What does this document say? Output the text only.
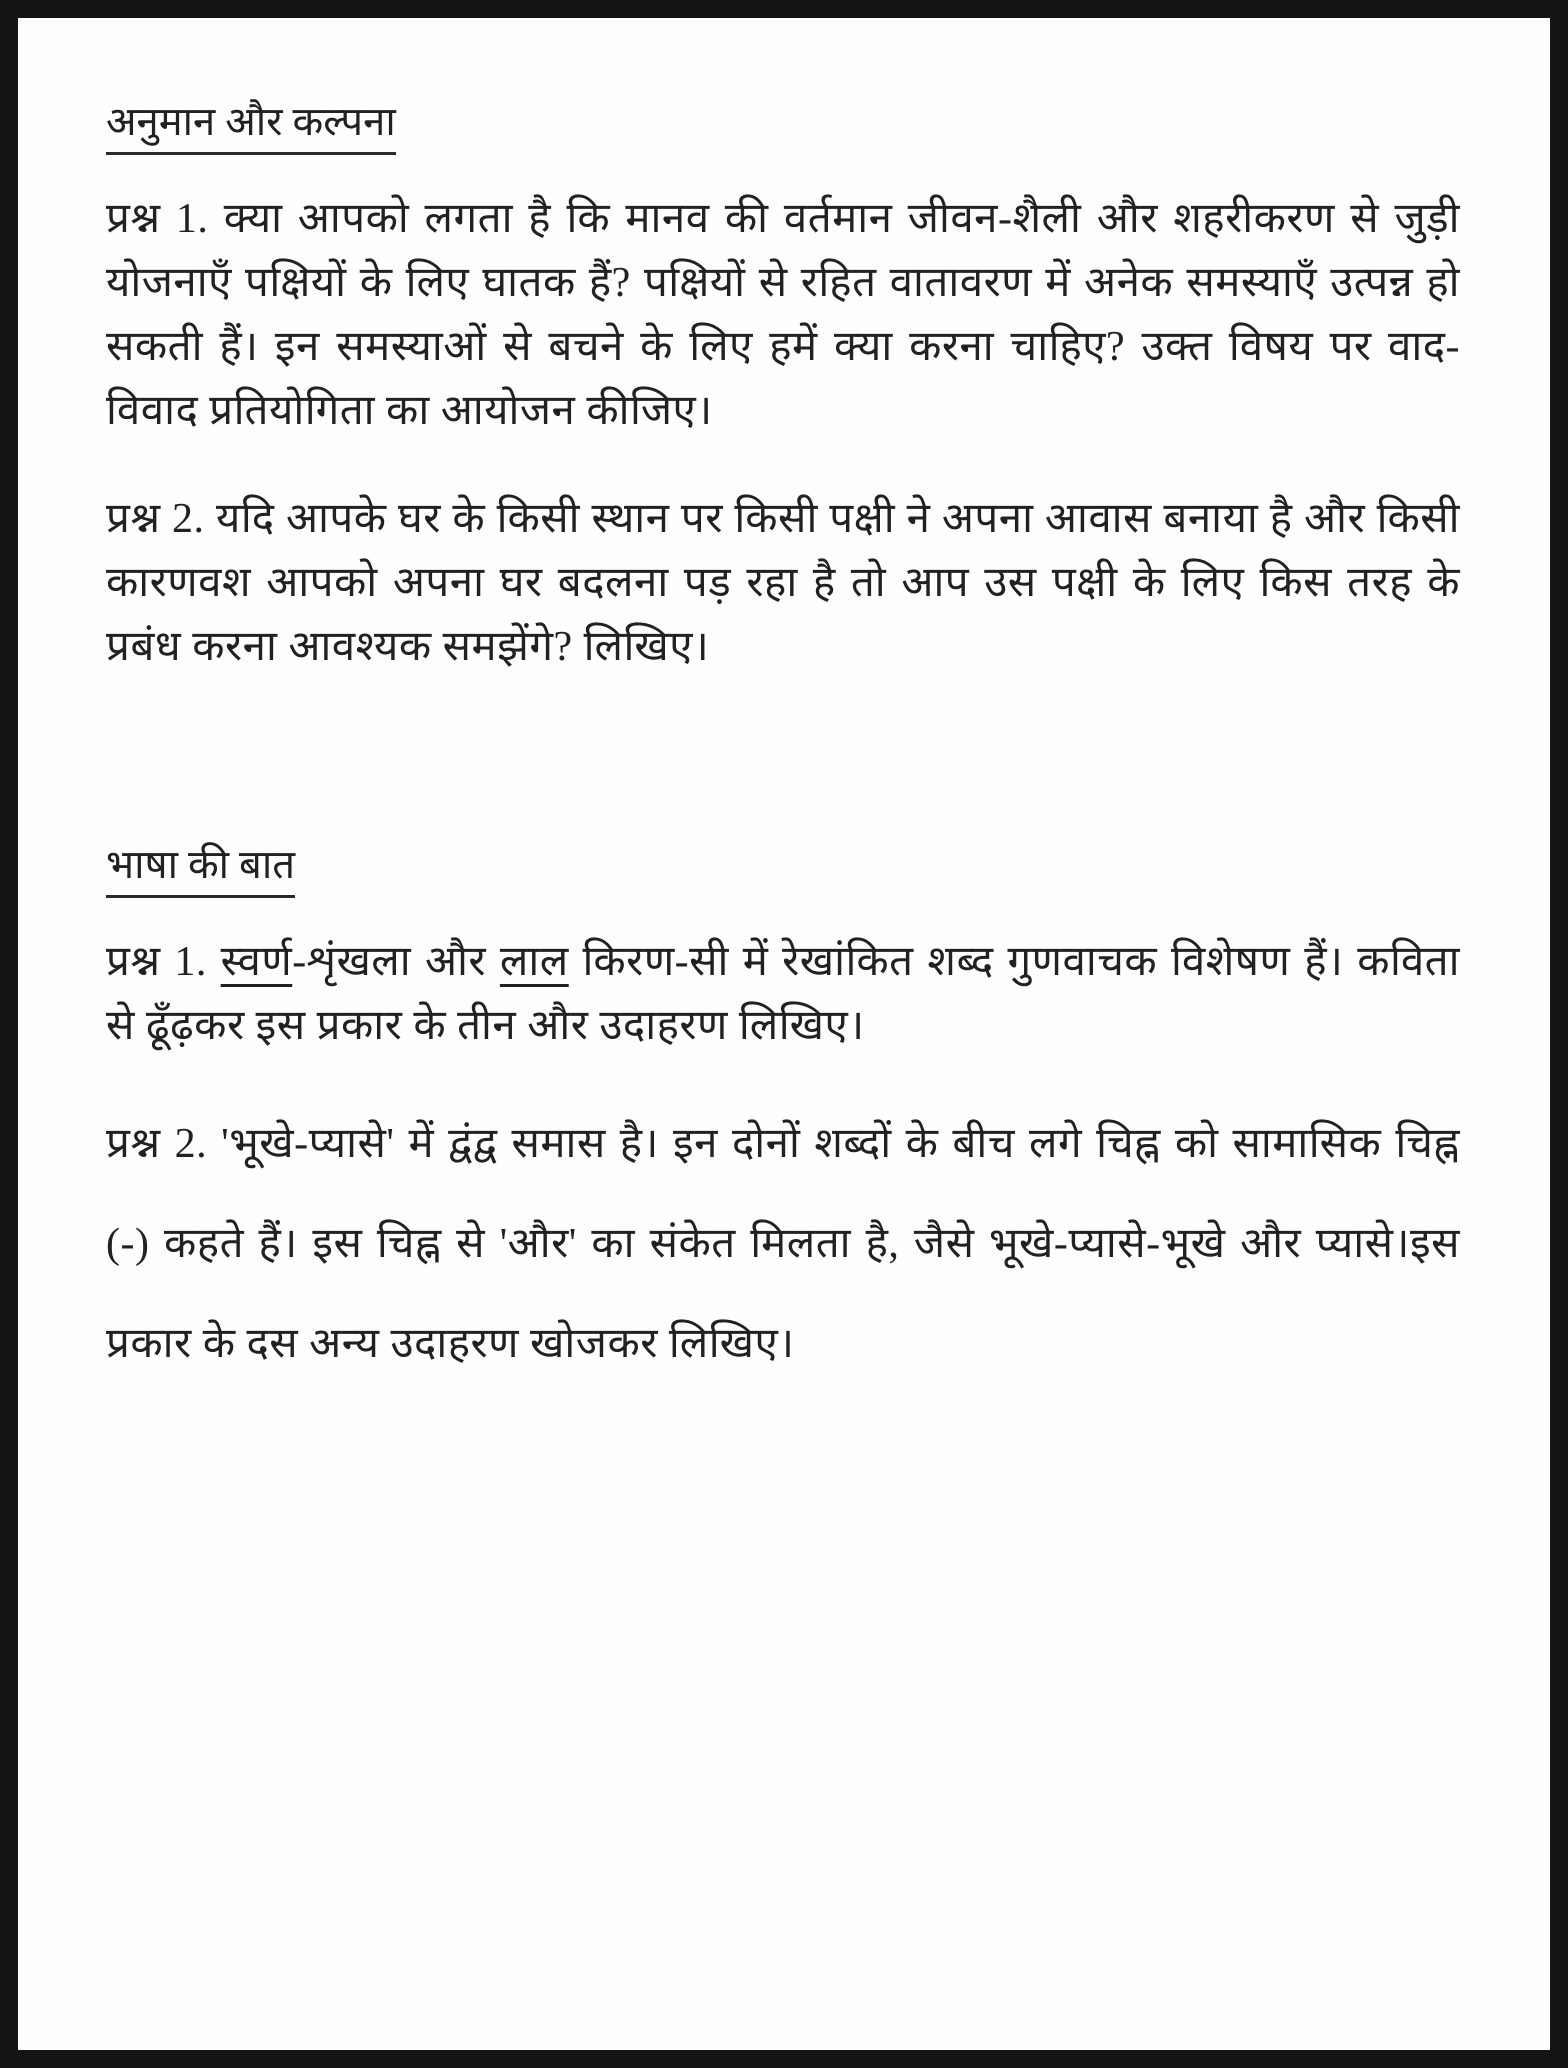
अनुमान और कल्पना

प्रश्न 1. क्या आपको लगता है कि मानव की वर्तमान जीवन-शैली और शहरीकरण से जुड़ी योजनाएँ पक्षियों के लिए घातक हैं? पक्षियों से रहित वातावरण में अनेक समस्याएँ उत्पन्न हो सकती हैं। इन समस्याओं से बचने के लिए हमें क्या करना चाहिए? उक्त विषय पर वाद-विवाद प्रतियोगिता का आयोजन कीजिए।

प्रश्न 2. यदि आपके घर के किसी स्थान पर किसी पक्षी ने अपना आवास बनाया है और किसी कारणवश आपको अपना घर बदलना पड़ रहा है तो आप उस पक्षी के लिए किस तरह के प्रबंध करना आवश्यक समझेंगे? लिखिए।

भाषा की बात

प्रश्न 1. स्वर्ण-शृंखला और लाल किरण-सी में रेखांकित शब्द गुणवाचक विशेषण हैं। कविता से ढूँढ़कर इस प्रकार के तीन और उदाहरण लिखिए।

प्रश्न 2. 'भूखे-प्यासे' में द्वंद्व समास है। इन दोनों शब्दों के बीच लगे चिह्न को सामासिक चिह्न (-) कहते हैं। इस चिह्न से 'और' का संकेत मिलता है, जैसे भूखे-प्यासे-भूखे और प्यासे।इस प्रकार के दस अन्य उदाहरण खोजकर लिखिए।
